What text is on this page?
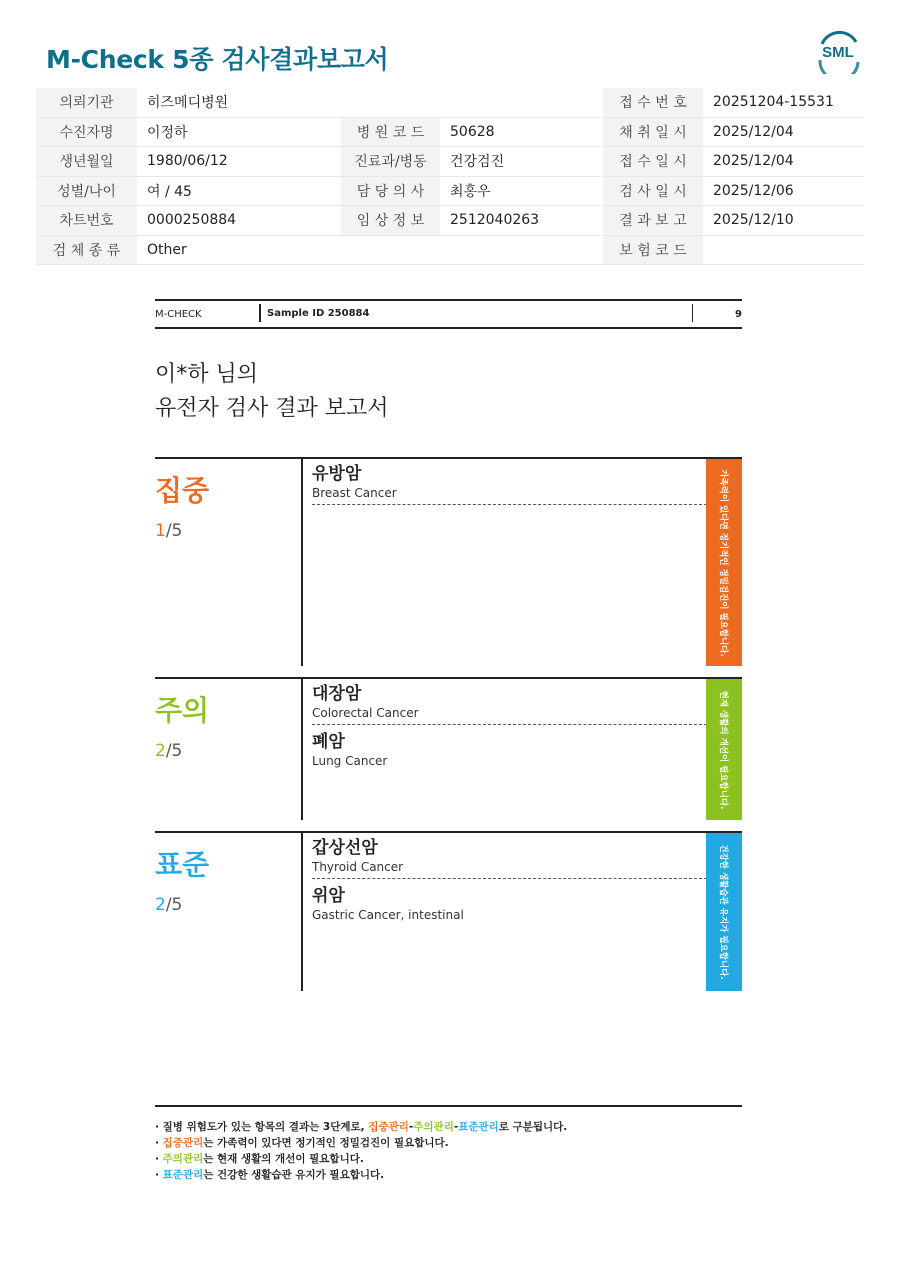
M-Check 5종 검사결과보고서	SML
의뢰기관	히즈메디병원			접 수 번 호	20251204-15531
수진자명	이정하	병 원 코 드	50628	채 취 일 시	2025/12/04
생년월일	1980/06/12	진료과/병동	건강검진	접 수 일 시	2025/12/04
성별/나이	여 / 45	담 당 의 사	최홍우	검 사 일 시	2025/12/06
차트번호	0000250884	임 상 정 보	2512040263	결 과 보 고	2025/12/10
검 체 종 류	Other			보 험 코 드	
M-CHECK	Sample ID 250884	9
이*하 님의
유전자 검사 결과 보고서
집중
1/5
유방암
Breast Cancer	가족력이 있다면 정기적인 정밀검진이 필요합니다.
주의
2/5
대장암
Colorectal Cancer
폐암
Lung Cancer	현재 생활의 개선이 필요합니다.
표준
2/5
갑상선암
Thyroid Cancer
위암
Gastric Cancer, intestinal	건강한 생활습관 유지가 필요합니다.
· 질병 위험도가 있는 항목의 결과는 3단계로, 집중관리-주의관리-표준관리로 구분됩니다.
· 집중관리는 가족력이 있다면 정기적인 정밀검진이 필요합니다.
· 주의관리는 현재 생활의 개선이 필요합니다.
· 표준관리는 건강한 생활습관 유지가 필요합니다.
